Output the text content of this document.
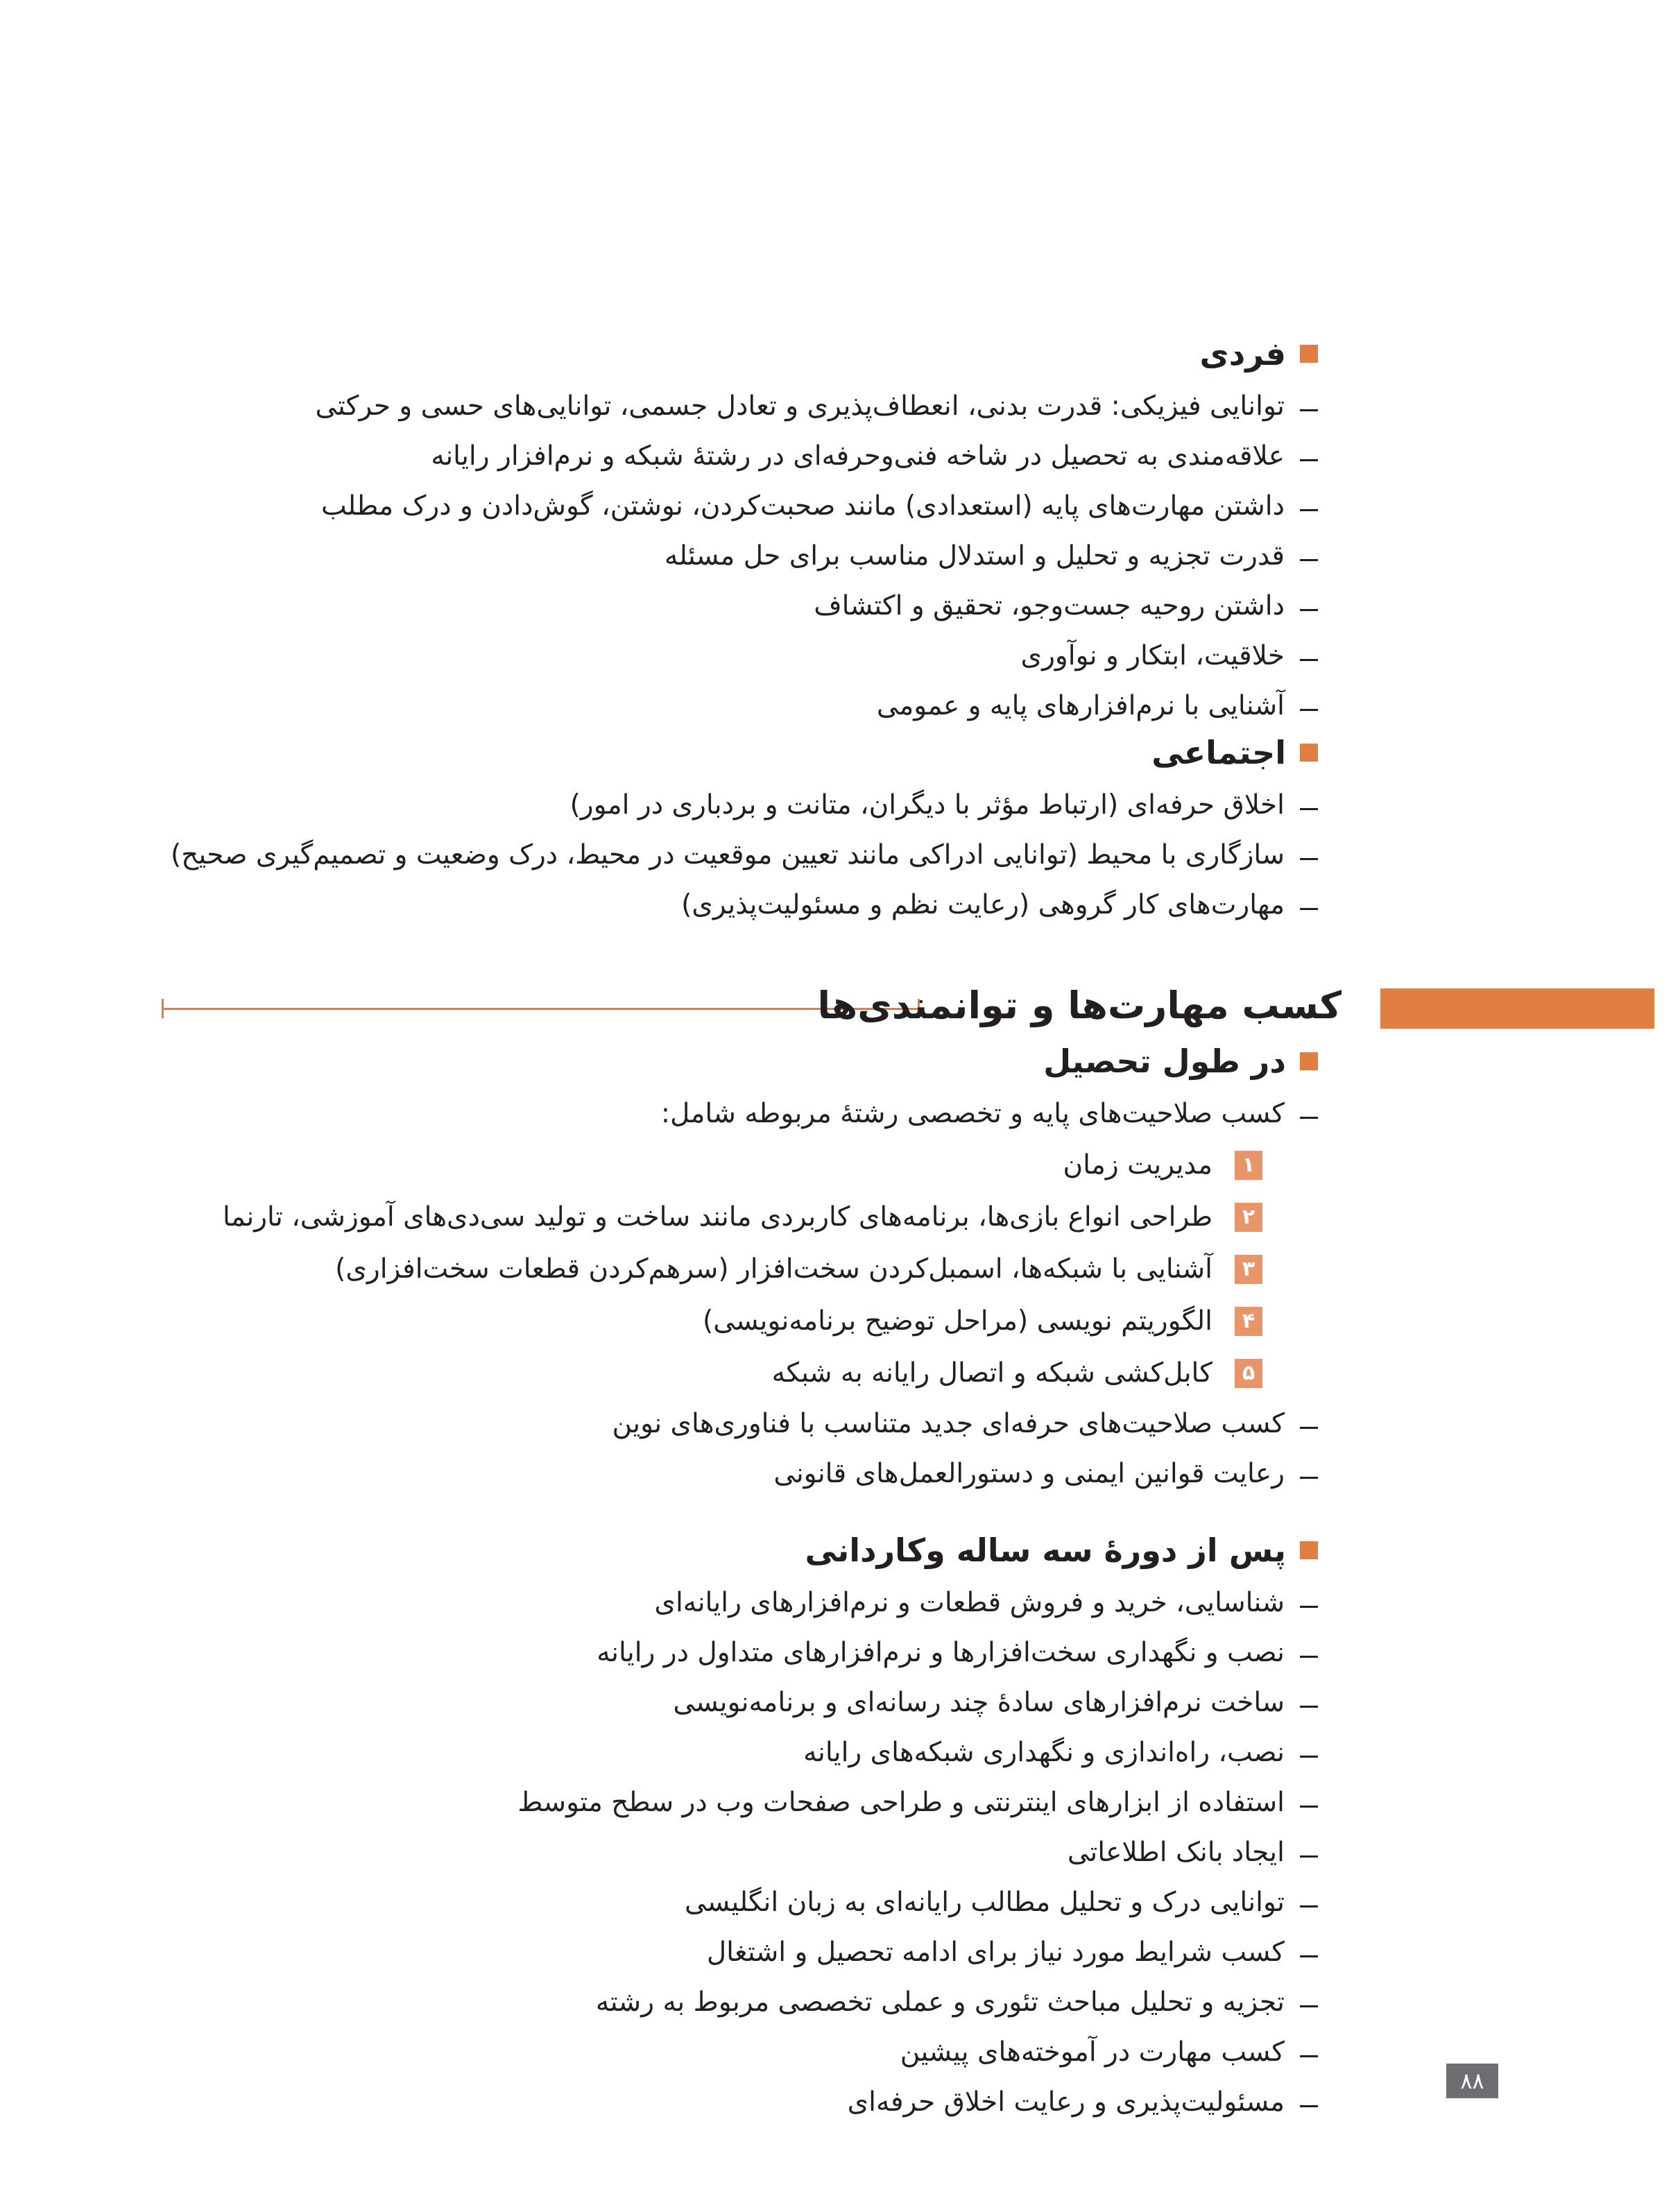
فردی
توانایی فیزیکی: قدرت بدنی، انعطاف‌پذیری و تعادل جسمی، توانایی‌های حسی و حرکتی
علاقه‌مندی به تحصیل در شاخه فنی‌وحرفه‌ای در رشتهٔ شبکه و نرم‌افزار رایانه
داشتن مهارت‌های پایه (استعدادی) مانند صحبت‌کردن، نوشتن، گوش‌دادن و درک مطلب
قدرت تجزیه و تحلیل و استدلال مناسب برای حل مسئله
داشتن روحیه جست‌وجو، تحقیق و اکتشاف
خلاقیت، ابتکار و نوآوری
آشنایی با نرم‌افزارهای پایه و عمومی
اجتماعی
اخلاق حرفه‌ای (ارتباط مؤثر با دیگران، متانت و بردباری در امور)
سازگاری با محیط (توانایی ادراکی مانند تعیین موقعیت در محیط، درک وضعیت و تصمیم‌گیری صحیح)
مهارت‌های کار گروهی (رعایت نظم و مسئولیت‌پذیری)
کسب مهارت‌ها و توانمندی‌ها
در طول تحصیل
کسب صلاحیت‌های پایه و تخصصی رشتهٔ مربوطه شامل:
۱
مدیریت زمان
۲
طراحی انواع بازی‌ها، برنامه‌های کاربردی مانند ساخت و تولید سی‌دی‌های آموزشی، تارنما
۳
آشنایی با شبکه‌ها، اسمبل‌کردن سخت‌افزار (سرهم‌کردن قطعات سخت‌افزاری)
۴
الگوریتم نویسی (مراحل توضیح برنامه‌نویسی)
۵
کابل‌کشی شبکه و اتصال رایانه به شبکه
کسب صلاحیت‌های حرفه‌ای جدید متناسب با فناوری‌های نوین
رعایت قوانین ایمنی و دستورالعمل‌های قانونی
پس از دورهٔ سه ساله وکاردانی
شناسایی، خرید و فروش قطعات و نرم‌افزارهای رایانه‌ای
نصب و نگهداری سخت‌افزارها و نرم‌افزارهای متداول در رایانه
ساخت نرم‌افزارهای سادهٔ چند رسانه‌ای و برنامه‌نویسی
نصب، راه‌اندازی و نگهداری شبکه‌های رایانه
استفاده از ابزارهای اینترنتی و طراحی صفحات وب در سطح متوسط
ایجاد بانک اطلاعاتی
توانایی درک و تحلیل مطالب رایانه‌ای به زبان انگلیسی
کسب شرایط مورد نیاز برای ادامه تحصیل و اشتغال
تجزیه و تحلیل مباحث تئوری و عملی تخصصی مربوط به رشته
کسب مهارت در آموخته‌های پیشین
مسئولیت‌پذیری و رعایت اخلاق حرفه‌ای
۸۸
